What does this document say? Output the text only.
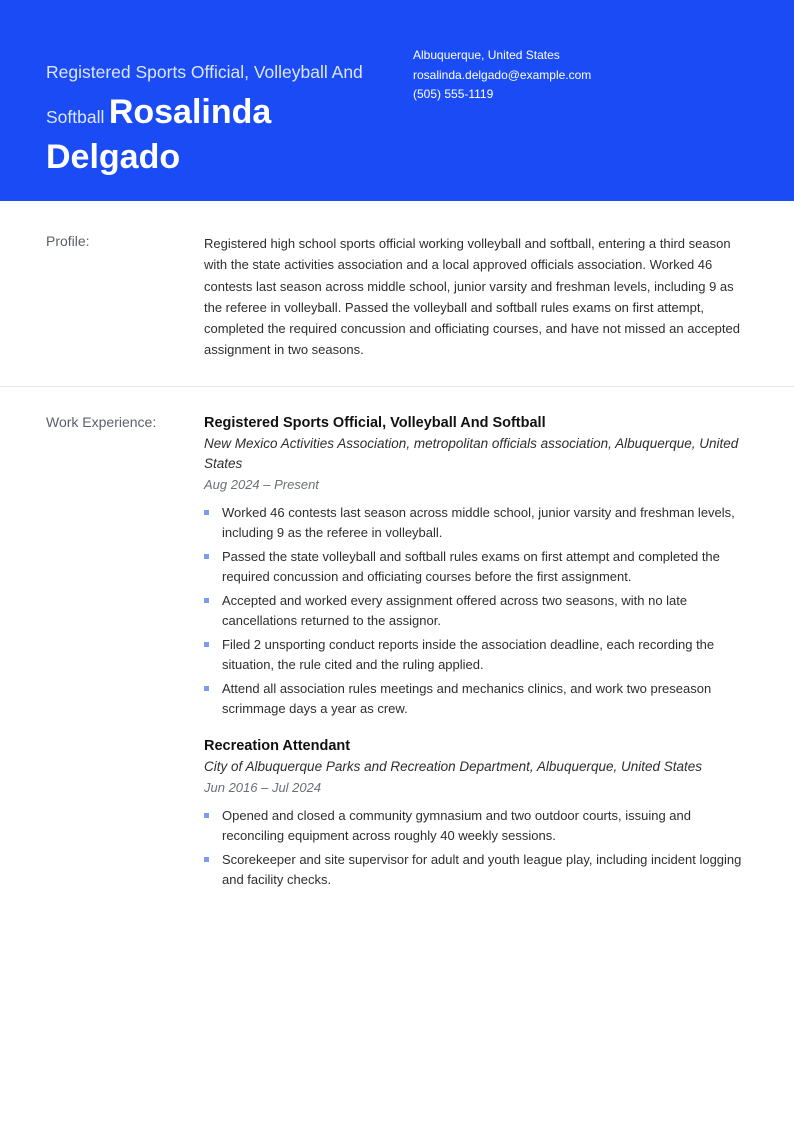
Registered Sports Official, Volleyball And Softball Rosalinda Delgado
Albuquerque, United States
rosalinda.delgado@example.com
(505) 555-1119
Profile:	Registered high school sports official working volleyball and softball, entering a third season with the state activities association and a local approved officials association. Worked 46 contests last season across middle school, junior varsity and freshman levels, including 9 as the referee in volleyball. Passed the volleyball and softball rules exams on first attempt, completed the required concussion and officiating courses, and have not missed an accepted assignment in two seasons.
Work Experience:	Registered Sports Official, Volleyball And Softball
New Mexico Activities Association, metropolitan officials association, Albuquerque, United States
Aug 2024 – Present
Worked 46 contests last season across middle school, junior varsity and freshman levels, including 9 as the referee in volleyball.
Passed the state volleyball and softball rules exams on first attempt and completed the required concussion and officiating courses before the first assignment.
Accepted and worked every assignment offered across two seasons, with no late cancellations returned to the assignor.
Filed 2 unsporting conduct reports inside the association deadline, each recording the situation, the rule cited and the ruling applied.
Attend all association rules meetings and mechanics clinics, and work two preseason scrimmage days a year as crew.
Recreation Attendant
City of Albuquerque Parks and Recreation Department, Albuquerque, United States
Jun 2016 – Jul 2024
Opened and closed a community gymnasium and two outdoor courts, issuing and reconciling equipment across roughly 40 weekly sessions.
Scorekeeper and site supervisor for adult and youth league play, including incident logging and facility checks.
